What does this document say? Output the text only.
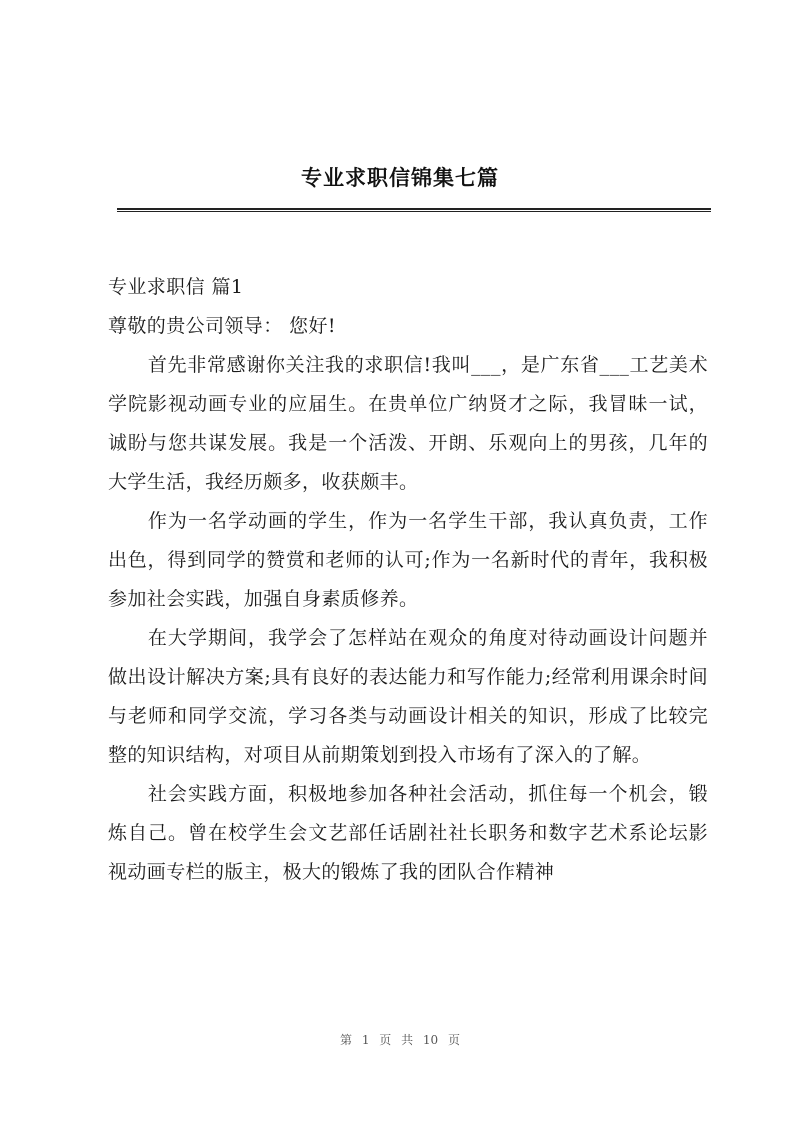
专业求职信锦集七篇

专业求职信 篇1

尊敬的贵公司领导： 您好!

首先非常感谢你关注我的求职信!我叫___，是广东省___工艺美术学院影视动画专业的应届生。在贵单位广纳贤才之际，我冒昧一试，诚盼与您共谋发展。我是一个活泼、开朗、乐观向上的男孩，几年的大学生活，我经历颇多，收获颇丰。

作为一名学动画的学生，作为一名学生干部，我认真负责，工作出色，得到同学的赞赏和老师的认可;作为一名新时代的青年，我积极参加社会实践，加强自身素质修养。

在大学期间，我学会了怎样站在观众的角度对待动画设计问题并做出设计解决方案;具有良好的表达能力和写作能力;经常利用课余时间与老师和同学交流，学习各类与动画设计相关的知识，形成了比较完整的知识结构，对项目从前期策划到投入市场有了深入的了解。

社会实践方面，积极地参加各种社会活动，抓住每一个机会，锻炼自己。曾在校学生会文艺部任话剧社社长职务和数字艺术系论坛影视动画专栏的版主，极大的锻炼了我的团队合作精神

第 1 页 共 10 页
